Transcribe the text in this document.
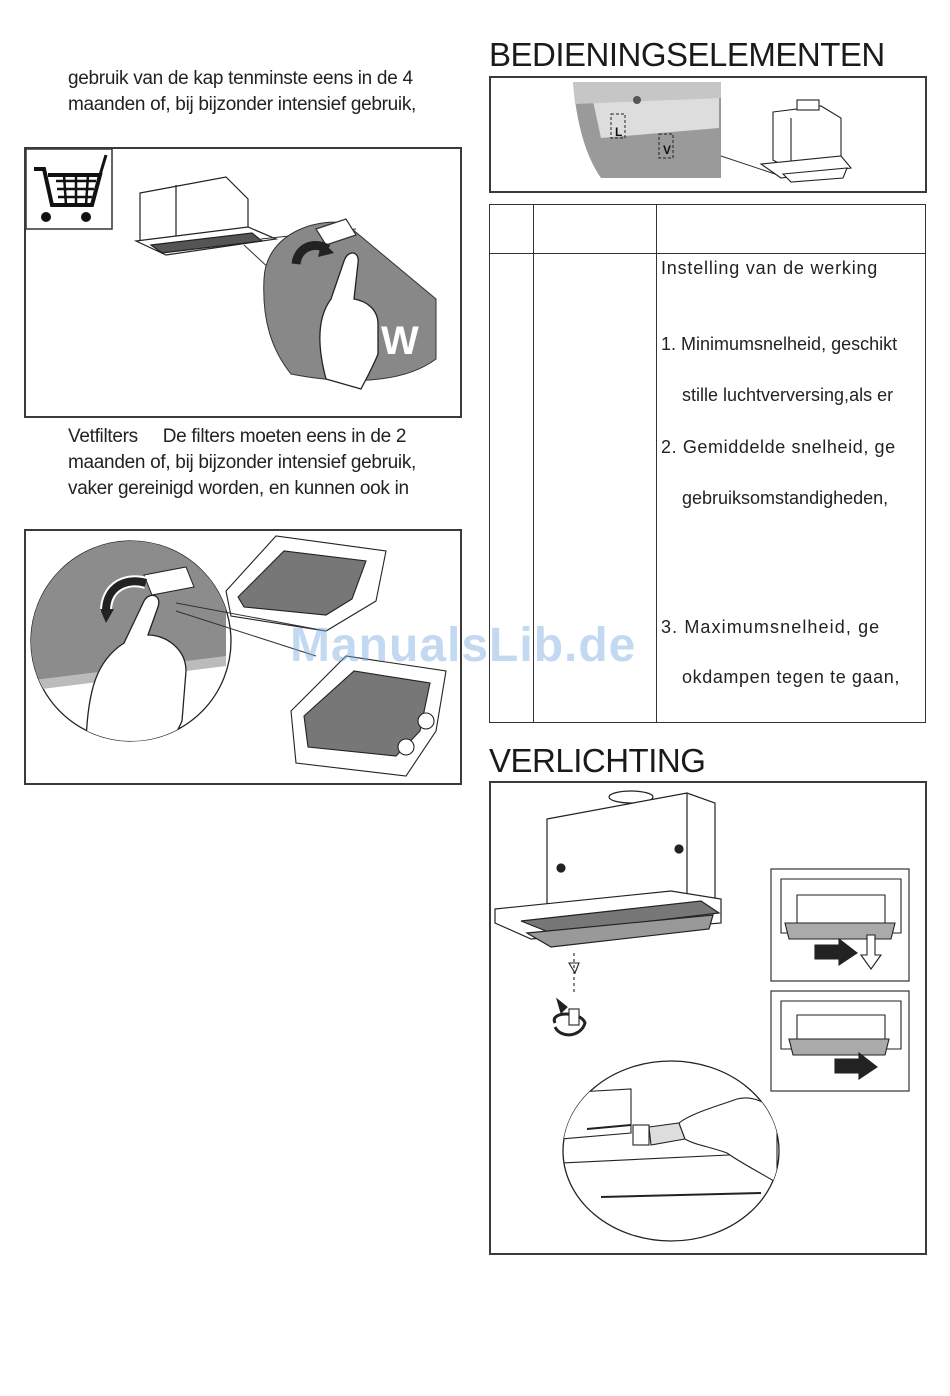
gebruik van de kap tenminste eens in de 4
maanden of, bij bijzonder intensief gebruik,
W
Vetfilters     De filters moeten eens in de 2
maanden of, bij bijzonder intensief gebruik,
vaker gereinigd worden, en kunnen ook in
BEDIENINGSELEMENTEN
L
V
Instelling van de werking
1. Minimumsnelheid, geschikt
stille luchtverversing,als er
2. Gemiddelde snelheid, ge
gebruiksomstandigheden,
3. Maximumsnelheid, ge
okdampen tegen te gaan,
ManualsLib.de
VERLICHTING
